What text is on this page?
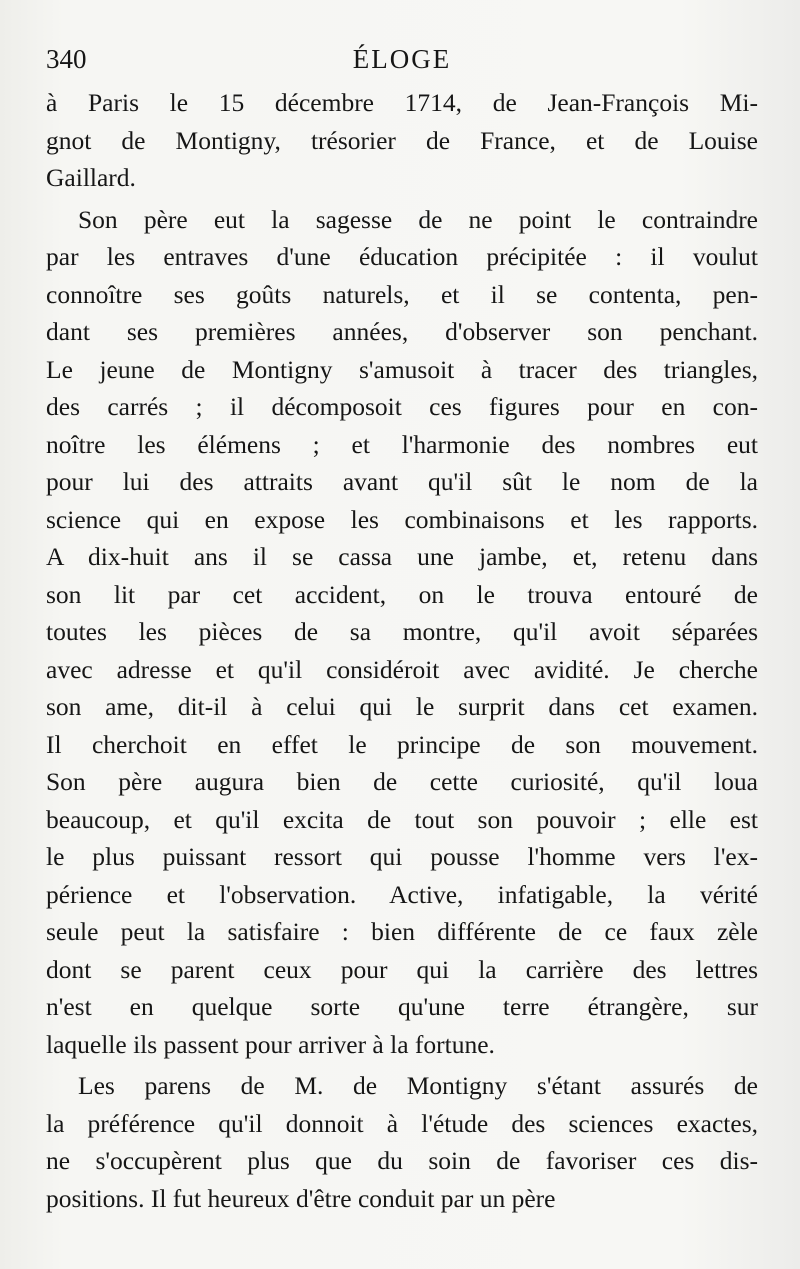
340	ÉLOGE
à Paris le 15 décembre 1714, de Jean-François Mi-
gnot de Montigny, trésorier de France, et de Louise
Gaillard.
Son père eut la sagesse de ne point le contraindre
par les entraves d'une éducation précipitée : il voulut
connoître ses goûts naturels, et il se contenta, pen-
dant ses premières années, d'observer son penchant.
Le jeune de Montigny s'amusoit à tracer des triangles,
des carrés ; il décomposoit ces figures pour en con-
noître les élémens ; et l'harmonie des nombres eut
pour lui des attraits avant qu'il sût le nom de la
science qui en expose les combinaisons et les rapports.
A dix-huit ans il se cassa une jambe, et, retenu dans
son lit par cet accident, on le trouva entouré de
toutes les pièces de sa montre, qu'il avoit séparées
avec adresse et qu'il considéroit avec avidité. Je cherche
son ame, dit-il à celui qui le surprit dans cet examen.
Il cherchoit en effet le principe de son mouvement.
Son père augura bien de cette curiosité, qu'il loua
beaucoup, et qu'il excita de tout son pouvoir ; elle est
le plus puissant ressort qui pousse l'homme vers l'ex-
périence et l'observation. Active, infatigable, la vérité
seule peut la satisfaire : bien différente de ce faux zèle
dont se parent ceux pour qui la carrière des lettres
n'est en quelque sorte qu'une terre étrangère, sur
laquelle ils passent pour arriver à la fortune.
Les parens de M. de Montigny s'étant assurés de
la préférence qu'il donnoit à l'étude des sciences exactes,
ne s'occupèrent plus que du soin de favoriser ces dis-
positions. Il fut heureux d'être conduit par un père
